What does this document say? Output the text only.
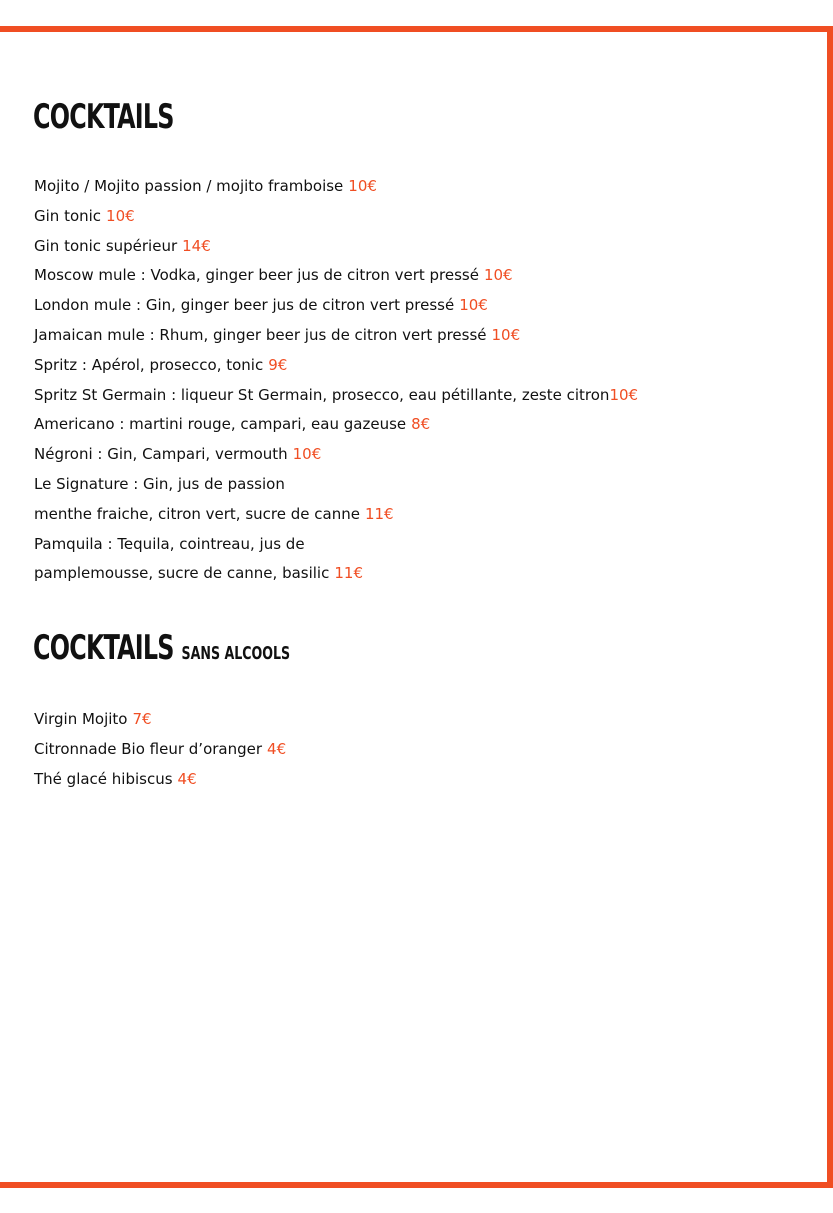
COCKTAILS
Mojito / Mojito passion / mojito framboise 10€
Gin tonic 10€
Gin tonic supérieur 14€
Moscow mule : Vodka, ginger beer jus de citron vert pressé 10€
London mule : Gin, ginger beer jus de citron vert pressé 10€
Jamaican mule : Rhum, ginger beer jus de citron vert pressé 10€
Spritz : Apérol, prosecco, tonic 9€
Spritz St Germain : liqueur St Germain, prosecco, eau pétillante, zeste citron10€
Americano : martini rouge, campari, eau gazeuse 8€
Négroni : Gin, Campari, vermouth 10€
Le Signature : Gin, jus de passion
menthe fraiche, citron vert, sucre de canne 11€
Pamquila : Tequila, cointreau, jus de
pamplemousse, sucre de canne, basilic 11€
COCKTAILS SANS ALCOOLS
Virgin Mojito 7€
Citronnade Bio fleur d’oranger 4€
Thé glacé hibiscus 4€
